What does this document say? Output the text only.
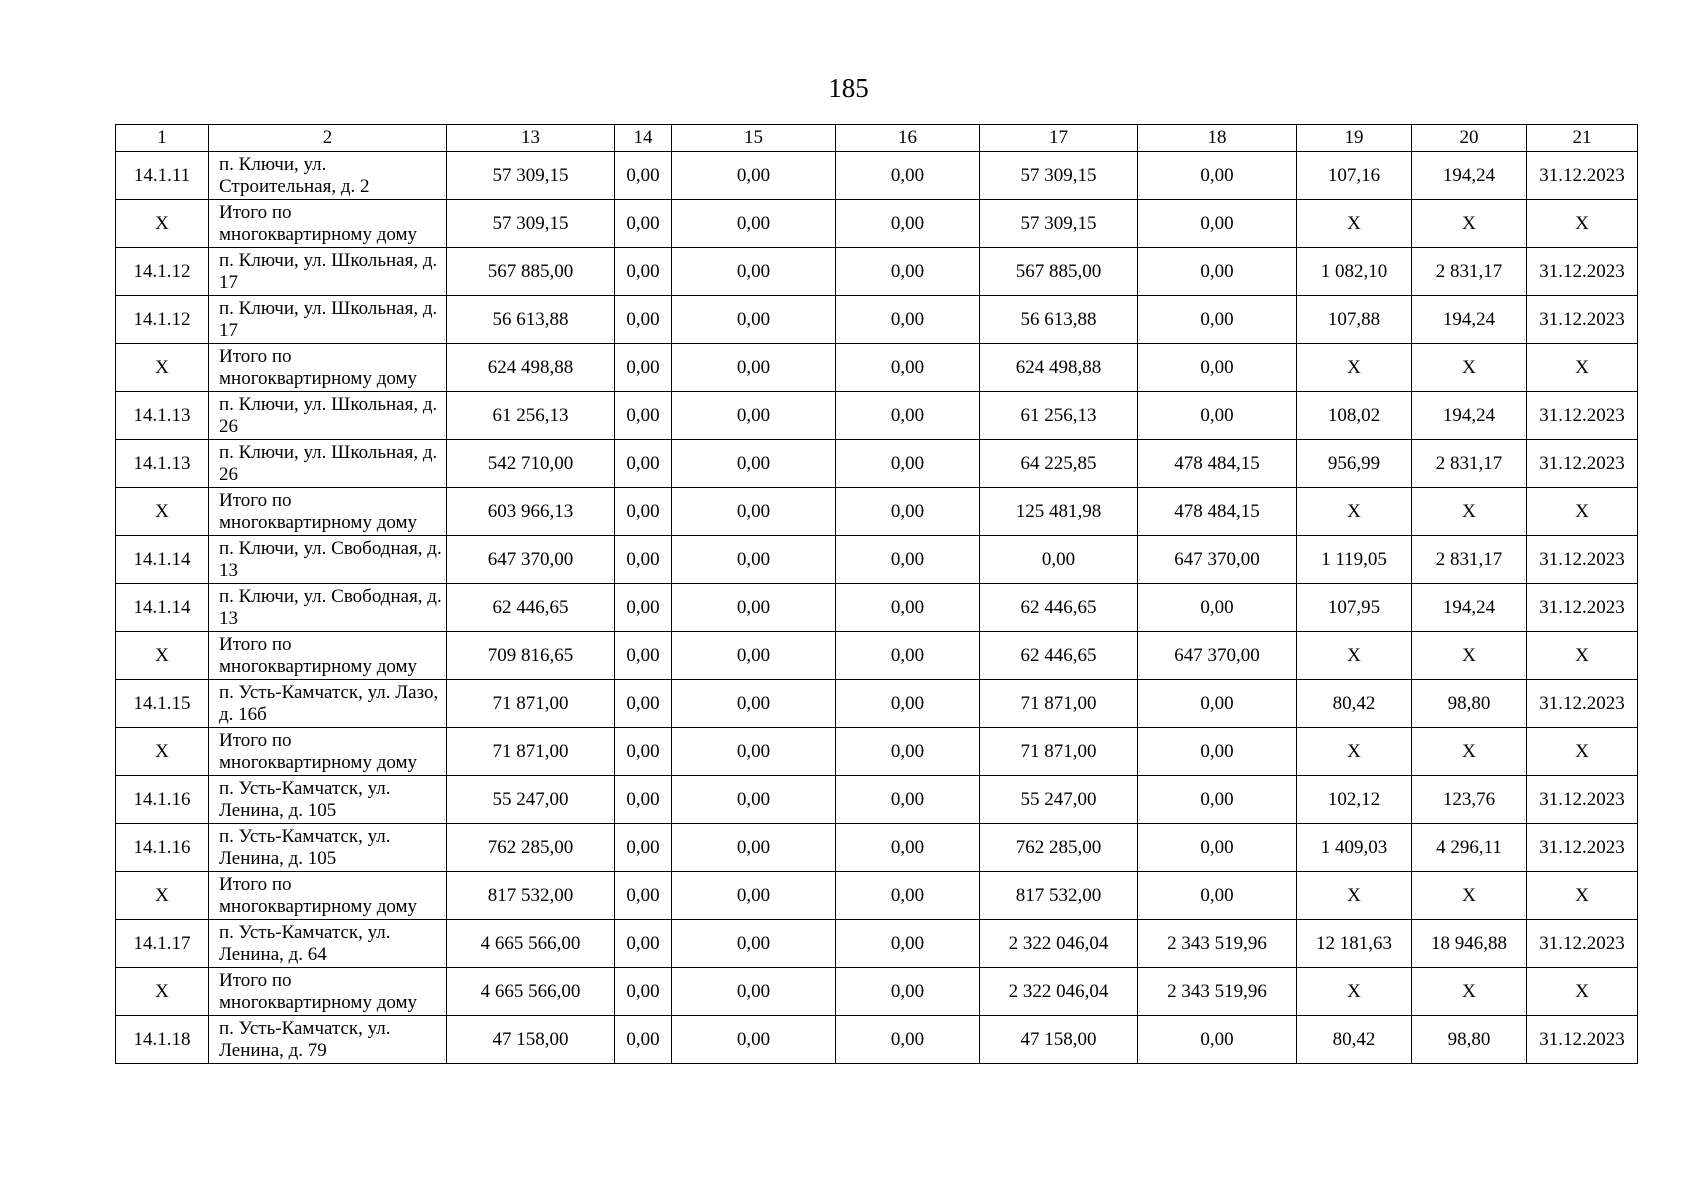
185
1	2	13	14	15	16	17	18	19	20	21
14.1.11	п. Ключи, ул. Строительная, д. 2	57 309,15	0,00	0,00	0,00	57 309,15	0,00	107,16	194,24	31.12.2023
X	Итого по многоквартирному дому	57 309,15	0,00	0,00	0,00	57 309,15	0,00	X	X	X
14.1.12	п. Ключи, ул. Школьная, д. 17	567 885,00	0,00	0,00	0,00	567 885,00	0,00	1 082,10	2 831,17	31.12.2023
14.1.12	п. Ключи, ул. Школьная, д. 17	56 613,88	0,00	0,00	0,00	56 613,88	0,00	107,88	194,24	31.12.2023
X	Итого по многоквартирному дому	624 498,88	0,00	0,00	0,00	624 498,88	0,00	X	X	X
14.1.13	п. Ключи, ул. Школьная, д. 26	61 256,13	0,00	0,00	0,00	61 256,13	0,00	108,02	194,24	31.12.2023
14.1.13	п. Ключи, ул. Школьная, д. 26	542 710,00	0,00	0,00	0,00	64 225,85	478 484,15	956,99	2 831,17	31.12.2023
X	Итого по многоквартирному дому	603 966,13	0,00	0,00	0,00	125 481,98	478 484,15	X	X	X
14.1.14	п. Ключи, ул. Свободная, д. 13	647 370,00	0,00	0,00	0,00	0,00	647 370,00	1 119,05	2 831,17	31.12.2023
14.1.14	п. Ключи, ул. Свободная, д. 13	62 446,65	0,00	0,00	0,00	62 446,65	0,00	107,95	194,24	31.12.2023
X	Итого по многоквартирному дому	709 816,65	0,00	0,00	0,00	62 446,65	647 370,00	X	X	X
14.1.15	п. Усть-Камчатск, ул. Лазо, д. 16б	71 871,00	0,00	0,00	0,00	71 871,00	0,00	80,42	98,80	31.12.2023
X	Итого по многоквартирному дому	71 871,00	0,00	0,00	0,00	71 871,00	0,00	X	X	X
14.1.16	п. Усть-Камчатск, ул. Ленина, д. 105	55 247,00	0,00	0,00	0,00	55 247,00	0,00	102,12	123,76	31.12.2023
14.1.16	п. Усть-Камчатск, ул. Ленина, д. 105	762 285,00	0,00	0,00	0,00	762 285,00	0,00	1 409,03	4 296,11	31.12.2023
X	Итого по многоквартирному дому	817 532,00	0,00	0,00	0,00	817 532,00	0,00	X	X	X
14.1.17	п. Усть-Камчатск, ул. Ленина, д. 64	4 665 566,00	0,00	0,00	0,00	2 322 046,04	2 343 519,96	12 181,63	18 946,88	31.12.2023
X	Итого по многоквартирному дому	4 665 566,00	0,00	0,00	0,00	2 322 046,04	2 343 519,96	X	X	X
14.1.18	п. Усть-Камчатск, ул. Ленина, д. 79	47 158,00	0,00	0,00	0,00	47 158,00	0,00	80,42	98,80	31.12.2023
